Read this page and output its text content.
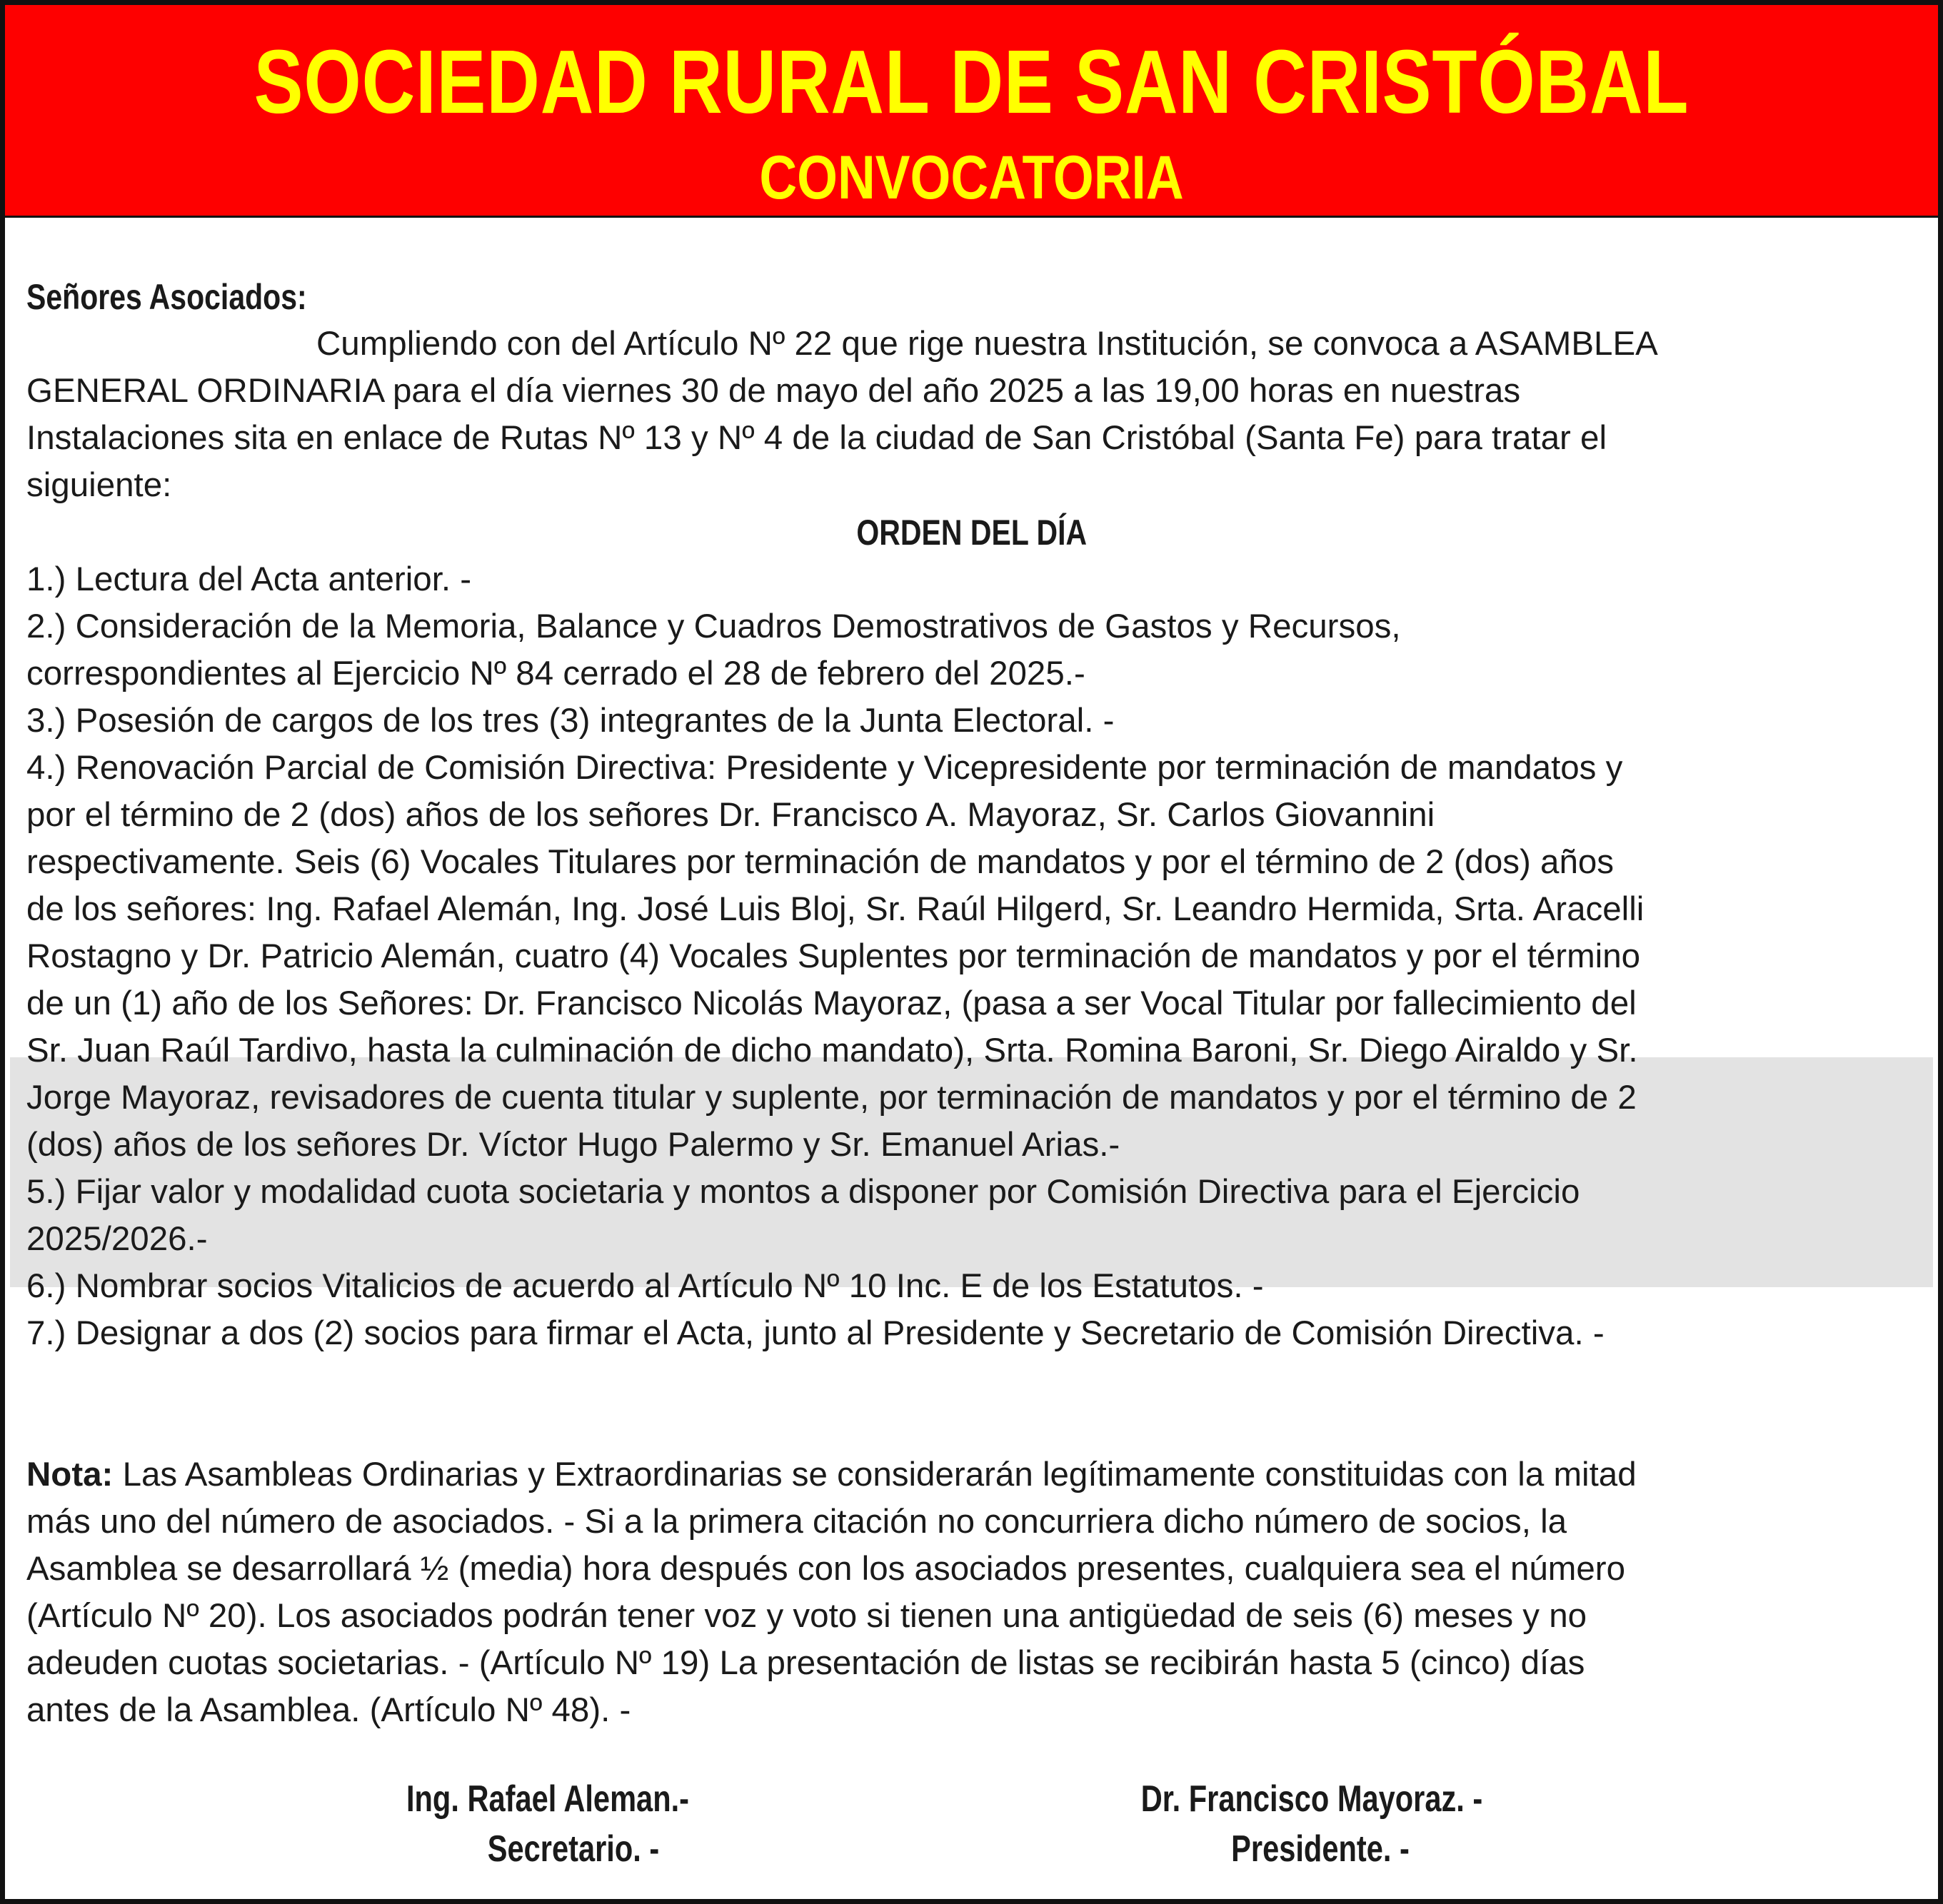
SOCIEDAD RURAL DE SAN CRISTÓBAL
CONVOCATORIA
Señores Asociados:
Cumpliendo con del Artículo Nº 22 que rige nuestra Institución, se convoca a ASAMBLEA
GENERAL ORDINARIA para el día viernes 30 de mayo del año 2025 a las 19,00 horas en nuestras
Instalaciones sita en enlace de Rutas Nº 13 y Nº 4 de la ciudad de San Cristóbal (Santa Fe) para tratar el
siguiente:
ORDEN DEL DÍA
1.) Lectura del Acta anterior. -
2.) Consideración de la Memoria, Balance y Cuadros Demostrativos de Gastos y Recursos,
correspondientes al Ejercicio Nº 84 cerrado el 28 de febrero del 2025.-
3.) Posesión de cargos de los tres (3) integrantes de la Junta Electoral. -
4.) Renovación Parcial de Comisión Directiva: Presidente y Vicepresidente por terminación de mandatos y
por el término de 2 (dos) años de los señores Dr. Francisco A. Mayoraz, Sr. Carlos Giovannini
respectivamente. Seis (6) Vocales Titulares por terminación de mandatos y por el término de 2 (dos) años
de los señores: Ing. Rafael Alemán, Ing. José Luis Bloj, Sr. Raúl Hilgerd, Sr. Leandro Hermida, Srta. Aracelli
Rostagno y Dr. Patricio Alemán, cuatro (4) Vocales Suplentes por terminación de mandatos y por el término
de un (1) año de los Señores: Dr. Francisco Nicolás Mayoraz, (pasa a ser Vocal Titular por fallecimiento del
Sr. Juan Raúl Tardivo, hasta la culminación de dicho mandato), Srta. Romina Baroni, Sr. Diego Airaldo y Sr.
Jorge Mayoraz, revisadores de cuenta titular y suplente, por terminación de mandatos y por el término de 2
(dos) años de los señores Dr. Víctor Hugo Palermo y Sr. Emanuel Arias.-
5.) Fijar valor y modalidad cuota societaria y montos a disponer por Comisión Directiva para el Ejercicio
2025/2026.-
6.) Nombrar socios Vitalicios de acuerdo al Artículo Nº 10 Inc. E de los Estatutos. -
7.) Designar a dos (2) socios para firmar el Acta, junto al Presidente y Secretario de Comisión Directiva. -
Nota: Las Asambleas Ordinarias y Extraordinarias se considerarán legítimamente constituidas con la mitad
más uno del número de asociados. - Si a la primera citación no concurriera dicho número de socios, la
Asamblea se desarrollará ½ (media) hora después con los asociados presentes, cualquiera sea el número
(Artículo Nº 20). Los asociados podrán tener voz y voto si tienen una antigüedad de seis (6) meses y no
adeuden cuotas societarias. - (Artículo Nº 19) La presentación de listas se recibirán hasta 5 (cinco) días
antes de la Asamblea. (Artículo Nº 48). -
Ing. Rafael Aleman.-
Secretario. -
Dr. Francisco Mayoraz. -
Presidente. -
